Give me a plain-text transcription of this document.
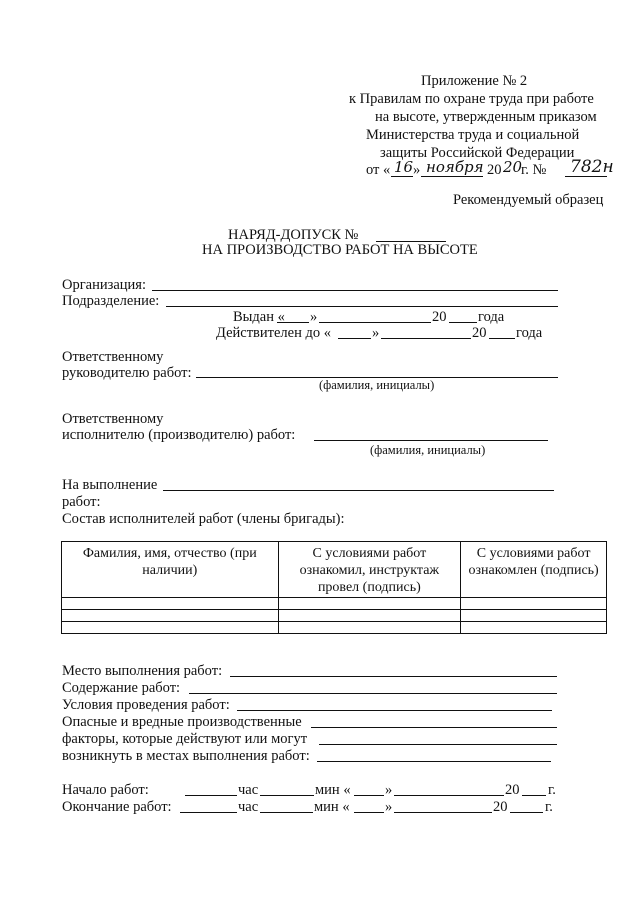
Приложение № 2
к Правилам по охране труда при работе
на высоте, утвержденным приказом
Министерства труда и социальной
защиты Российской Федерации
от « 16 » ноября 20 20
г. № 782н
Рекомендуемый образец
НАРЯД-ДОПУСК №
НА ПРОИЗВОДСТВО РАБОТ НА ВЫСОТЕ
Организация:
Подразделение:
Выдан « »	20 года
Действителен до «	»	20 года
Ответственному
руководителю работ:
(фамилия, инициалы)
Ответственному
исполнителю (производителю) работ:
(фамилия, инициалы)
На выполнение
работ:
Состав исполнителей работ (члены бригады):
Фамилия, имя, отчество (при наличии)	С условиями работ ознакомил, инструктаж провел (подпись)	С условиями работ ознакомлен (подпись)

Место выполнения работ:
Содержание работ:
Условия проведения работ:
Опасные и вредные производственные
факторы, которые действуют или могут
возникнуть в местах выполнения работ:
Начало работ:	час	мин « »	20 г.
Окончание работ:	час	мин « »	20	г.
